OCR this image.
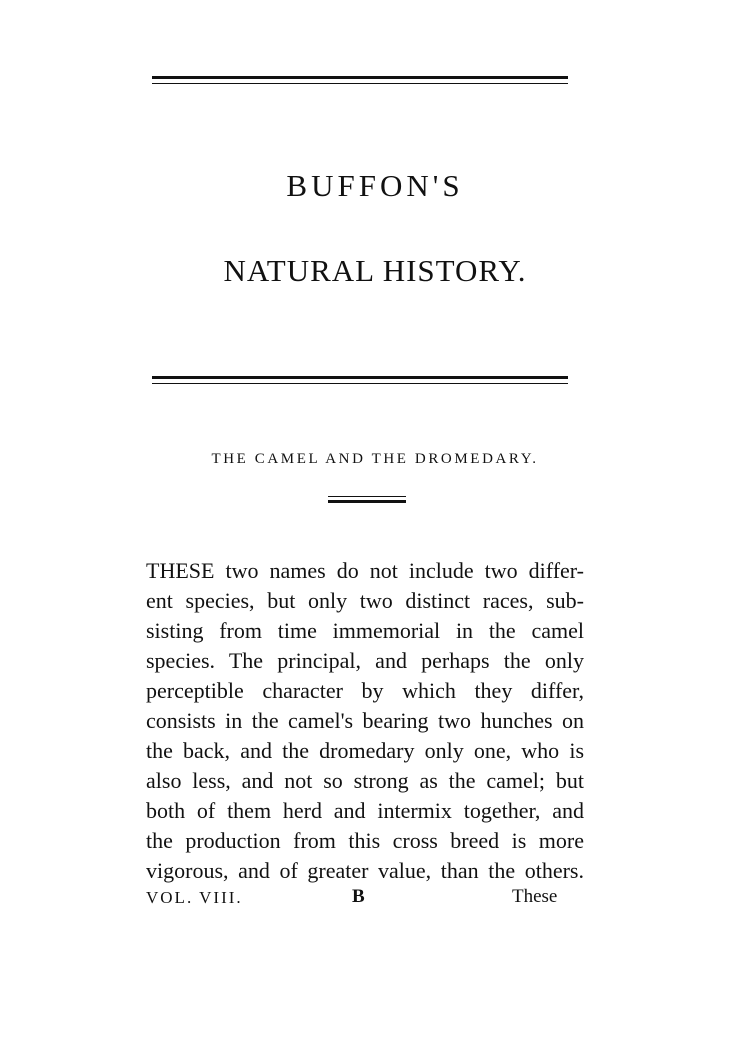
BUFFON'S
NATURAL HISTORY.
THE CAMEL AND THE DROMEDARY.
THESE two names do not include two differ-
ent species, but only two distinct races, sub-
sisting from time immemorial in the camel
species. The principal, and perhaps the only
perceptible character by which they differ,
consists in the camel's bearing two hunches on
the back, and the dromedary only one, who is
also less, and not so strong as the camel; but
both of them herd and intermix together, and
the production from this cross breed is more
vigorous, and of greater value, than the others.
VOL. VIII.	B	These
